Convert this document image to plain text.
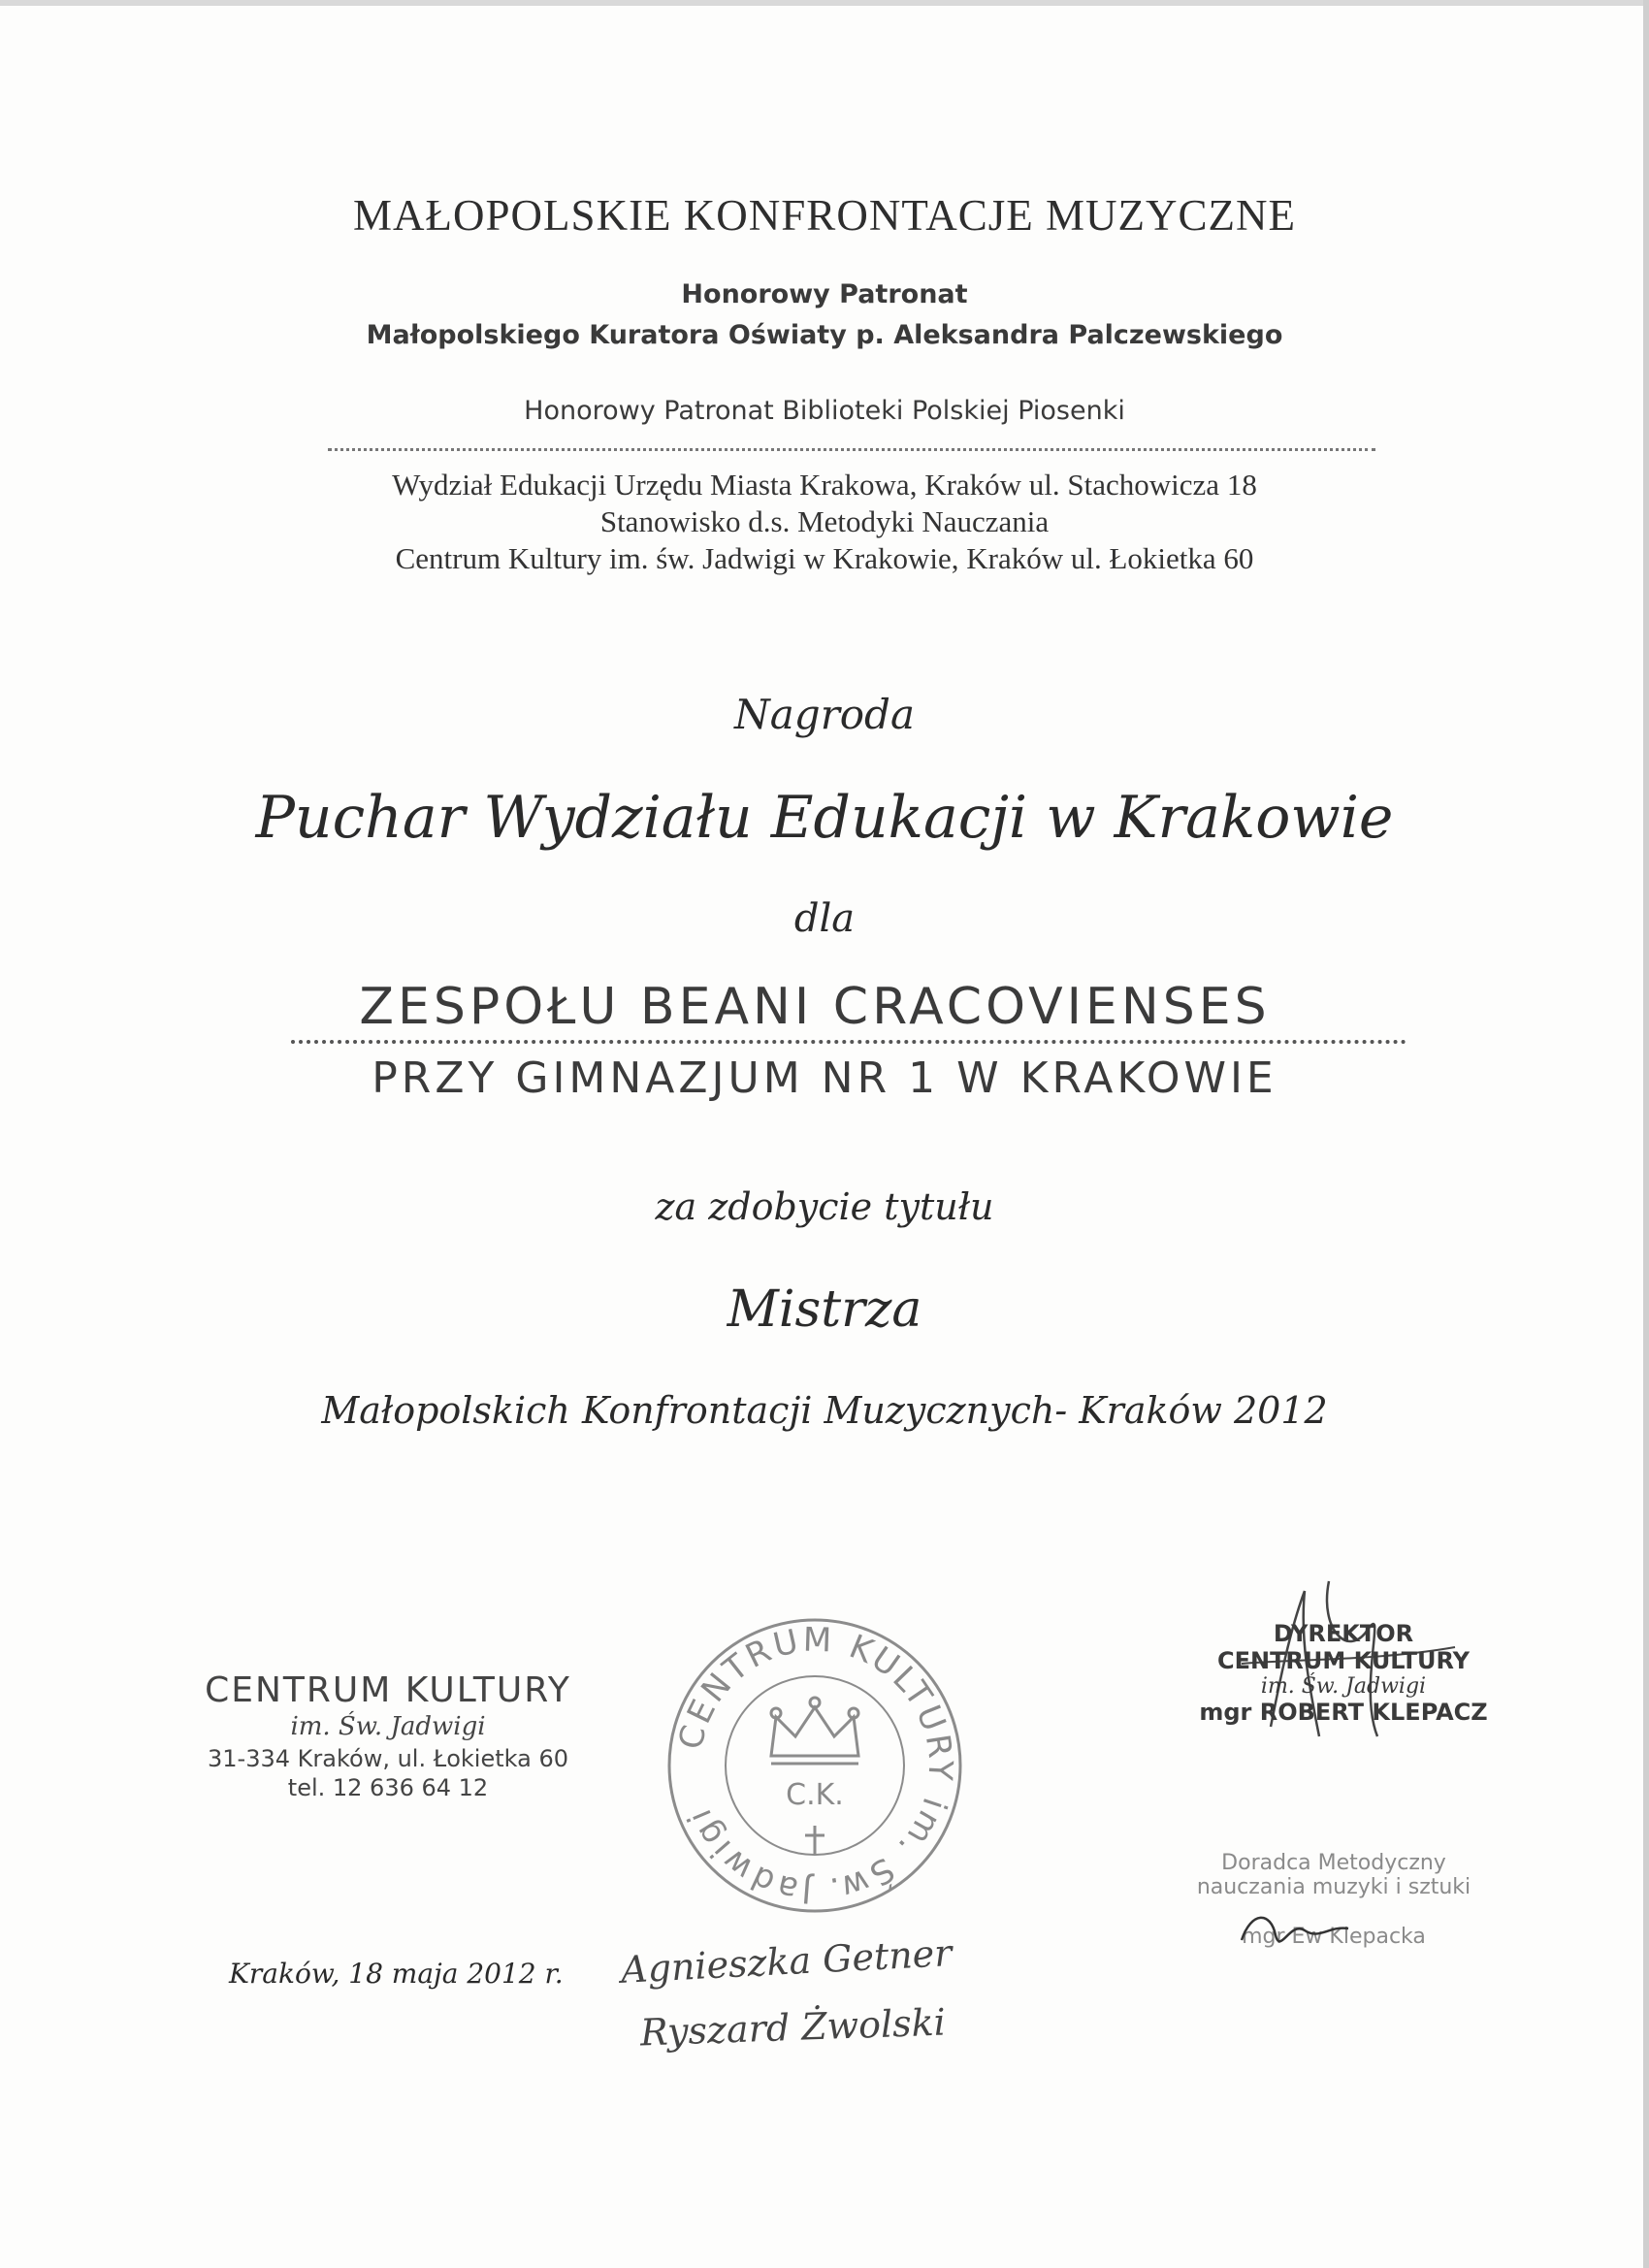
MAŁOPOLSKIE KONFRONTACJE MUZYCZNE
Honorowy Patronat
Małopolskiego Kuratora Oświaty p. Aleksandra Palczewskiego
Honorowy Patronat Biblioteki Polskiej Piosenki
Wydział Edukacji Urzędu Miasta Krakowa, Kraków ul. Stachowicza 18
Stanowisko d.s. Metodyki Nauczania
Centrum Kultury im. św. Jadwigi w Krakowie, Kraków ul. Łokietka 60
Nagroda
Puchar Wydziału Edukacji w Krakowie
dla
ZESPOŁU BEANI CRACOVIENSES
PRZY GIMNAZJUM NR 1 W KRAKOWIE
za zdobycie tytułu
Mistrza
Małopolskich Konfrontacji Muzycznych- Kraków 2012
CENTRUM KULTURY
im. Św. Jadwigi
31-334 Kraków, ul. Łokietka 60
tel. 12 636 64 12
CENTRUM KULTURY im. Św. Jadwigi
C.K.
DYREKTOR
CENTRUM KULTURY
im. Św. Jadwigi
mgr ROBERT KLEPACZ
Doradca Metodyczny
nauczania muzyki i sztuki
mgr Ew Klepacka
Kraków, 18 maja 2012 r. Agnieszka Getner
Ryszard Żwolski
